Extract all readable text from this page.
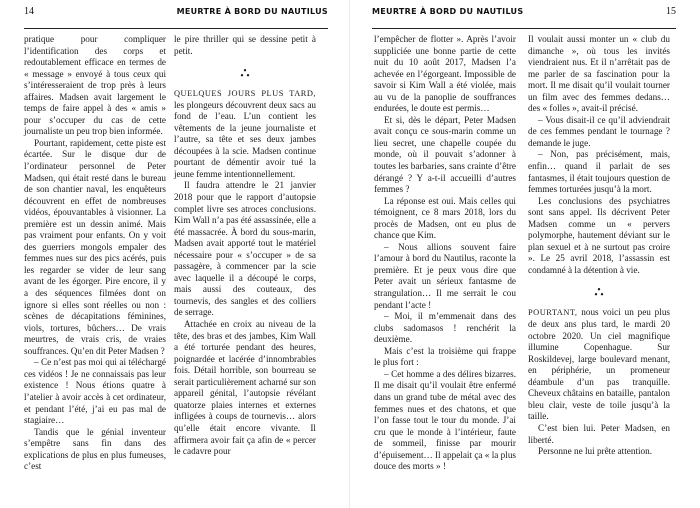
14	MEURTRE À BORD DU NAUTILUS

pratique pour compliquer l’identification des corps et redoutablement efficace en termes de « message » envoyé à tous ceux qui s’intéresseraient de trop près à leurs affaires. Madsen avait largement le temps de faire appel à des « amis » pour s’occuper du cas de cette journaliste un peu trop bien informée.

Pourtant, rapidement, cette piste est écartée. Sur le disque dur de l’ordinateur personnel de Peter Madsen, qui était resté dans le bureau de son chantier naval, les enquêteurs découvrent en effet de nombreuses vidéos, épouvantables à visionner. La première est un dessin animé. Mais pas vraiment pour enfants. On y voit des guerriers mongols empaler des femmes nues sur des pics acérés, puis les regarder se vider de leur sang avant de les égorger. Pire encore, il y a des séquences filmées dont on ignore si elles sont réelles ou non : scènes de décapitations féminines, viols, tortures, bûchers… De vrais meurtres, de vrais cris, de vraies souffrances. Qu’en dit Peter Madsen ?

– Ce n’est pas moi qui ai téléchargé ces vidéos ! Je ne connaissais pas leur existence ! Nous étions quatre à l’atelier à avoir accès à cet ordinateur, et pendant l’été, j’ai eu pas mal de stagiaire…

Tandis que le génial inventeur s’empêtre sans fin dans des explications de plus en plus fumeuses, c’est

le pire thriller qui se dessine petit à petit.

QUELQUES JOURS PLUS TARD, les plongeurs découvrent deux sacs au fond de l’eau. L’un contient les vêtements de la jeune journaliste et l’autre, sa tête et ses deux jambes découpées à la scie. Madsen continue pourtant de démentir avoir tué la jeune femme intentionnellement.

Il faudra attendre le 21 janvier 2018 pour que le rapport d’autopsie complet livre ses atroces conclusions. Kim Wall n’a pas été assassinée, elle a été massacrée. À bord du sous-marin, Madsen avait apporté tout le matériel nécessaire pour « s’occuper » de sa passagère, à commencer par la scie avec laquelle il a découpé le corps, mais aussi des couteaux, des tournevis, des sangles et des colliers de serrage.

Attachée en croix au niveau de la tête, des bras et des jambes, Kim Wall a été torturée pendant des heures, poignardée et lacérée d’innombrables fois. Détail horrible, son bourreau se serait particulièrement acharné sur son appareil génital, l’autopsie révélant quatorze plaies internes et externes infligées à coups de tournevis… alors qu’elle était encore vivante. Il affirmera avoir fait ça afin de « percer le cadavre pour

MEURTRE À BORD DU NAUTILUS	15

l’empêcher de flotter ». Après l’avoir suppliciée une bonne partie de cette nuit du 10 août 2017, Madsen l’a achevée en l’égorgeant. Impossible de savoir si Kim Wall a été violée, mais au vu de la panoplie de souffrances endurées, le doute est permis…

Et si, dès le départ, Peter Madsen avait conçu ce sous-marin comme un lieu secret, une chapelle coupée du monde, où il pouvait s’adonner à toutes les barbaries, sans crainte d’être dérangé ? Y a-t-il accueilli d’autres femmes ?

La réponse est oui. Mais celles qui témoignent, ce 8 mars 2018, lors du procès de Madsen, ont eu plus de chance que Kim.

– Nous allions souvent faire l’amour à bord du Nautilus, raconte la première. Et je peux vous dire que Peter avait un sérieux fantasme de strangulation… Il me serrait le cou pendant l’acte !

– Moi, il m’emmenait dans des clubs sadomasos ! renchérit la deuxième.

Mais c’est la troisième qui frappe le plus fort :

– Cet homme a des délires bizarres. Il me disait qu’il voulait être enfermé dans un grand tube de métal avec des femmes nues et des chatons, et que l’on fasse tout le tour du monde. J’ai cru que le monde à l’intérieur, faute de sommeil, finisse par mourir d’épuisement… Il appelait ça « la plus douce des morts » !

Il voulait aussi monter un « club du dimanche », où tous les invités viendraient nus. Et il n’arrêtait pas de me parler de sa fascination pour la mort. Il me disait qu’il voulait tourner un film avec des femmes dedans… des « folles », avait-il précisé.

– Vous disait-il ce qu’il adviendrait de ces femmes pendant le tournage ? demande le juge.

– Non, pas précisément, mais, enfin… quand il parlait de ses fantasmes, il était toujours question de femmes torturées jusqu’à la mort.

Les conclusions des psychiatres sont sans appel. Ils décrivent Peter Madsen comme un « pervers polymorphe, hautement déviant sur le plan sexuel et à ne surtout pas croire ». Le 25 avril 2018, l’assassin est condamné à la détention à vie.

POURTANT, nous voici un peu plus de deux ans plus tard, le mardi 20 octobre 2020. Un ciel magnifique illumine Copenhague. Sur Roskildevej, large boulevard menant, en périphérie, un promeneur déambule d’un pas tranquille. Cheveux châtains en bataille, pantalon bleu clair, veste de toile jusqu’à la taille.

C’est bien lui. Peter Madsen, en liberté.

Personne ne lui prête attention.
